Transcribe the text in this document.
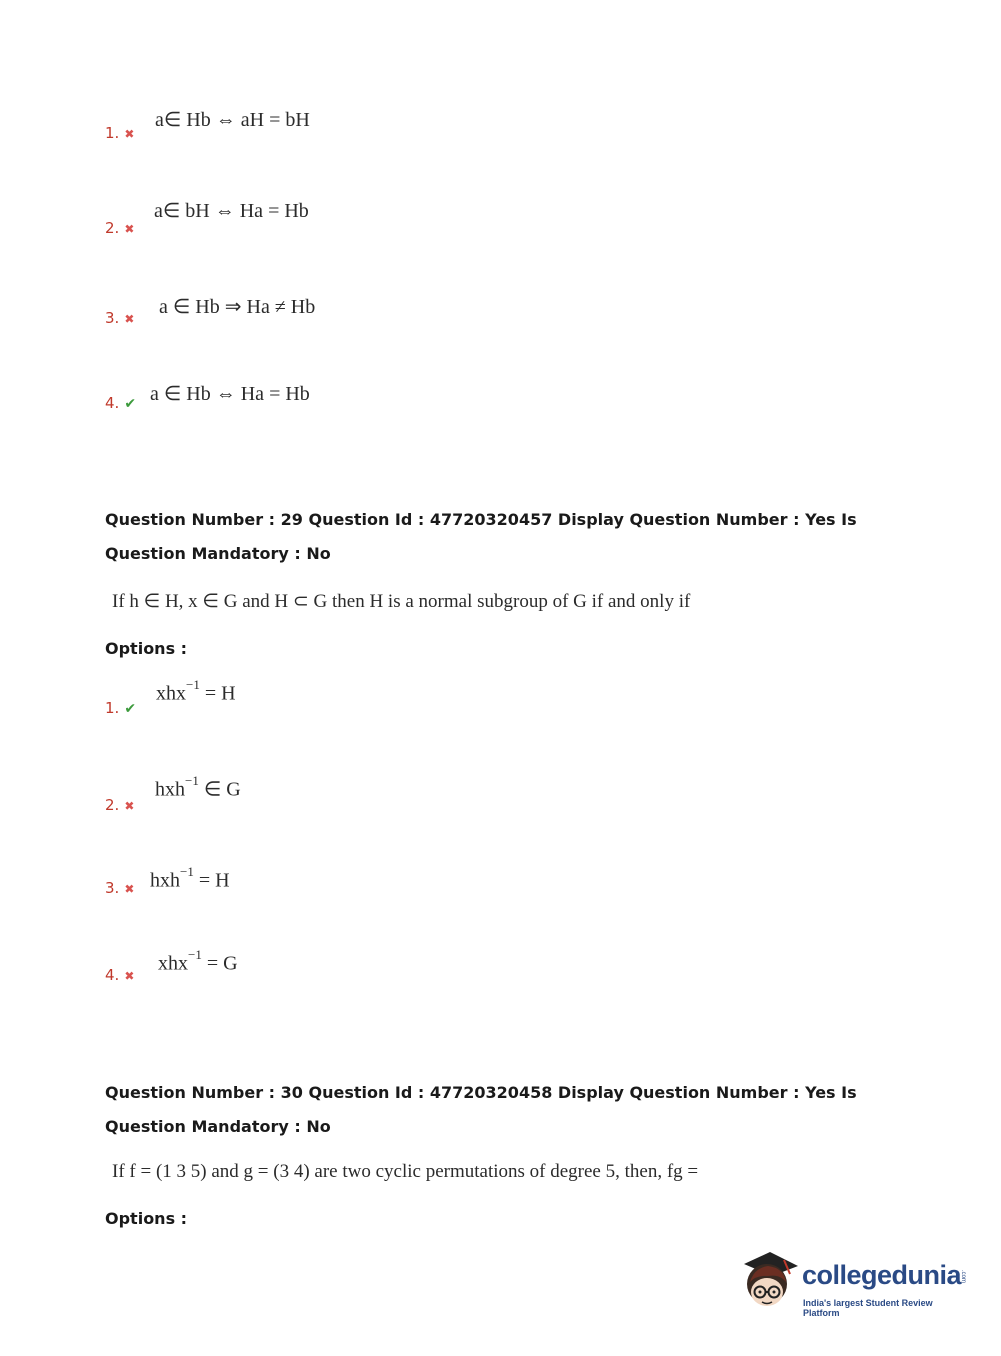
a∈ Hb ⇔ aH = bH
1. ✖
a∈ bH ⇔ Ha = Hb
2. ✖
a ∈ Hb ⇒ Ha ≠ Hb
3. ✖
a ∈ Hb ⇔ Ha = Hb
4. ✔
Question Number : 29 Question Id : 47720320457 Display Question Number : Yes Is Question Mandatory : No
If h ∈ H, x ∈ G and H ⊂ G then H is a normal subgroup of G if and only if
Options :
xhx$^{-1}$ = H
1. ✔
hxh$^{-1}$ ∈ G
2. ✖
hxh$^{-1}$ = H
3. ✖
xhx$^{-1}$ = G
4. ✖
Question Number : 30 Question Id : 47720320458 Display Question Number : Yes Is Question Mandatory : No
If f = (1 3 5) and g = (3 4) are two cyclic permutations of degree 5, then, fg =
Options :
collegedunia
.com
India's largest Student Review Platform
